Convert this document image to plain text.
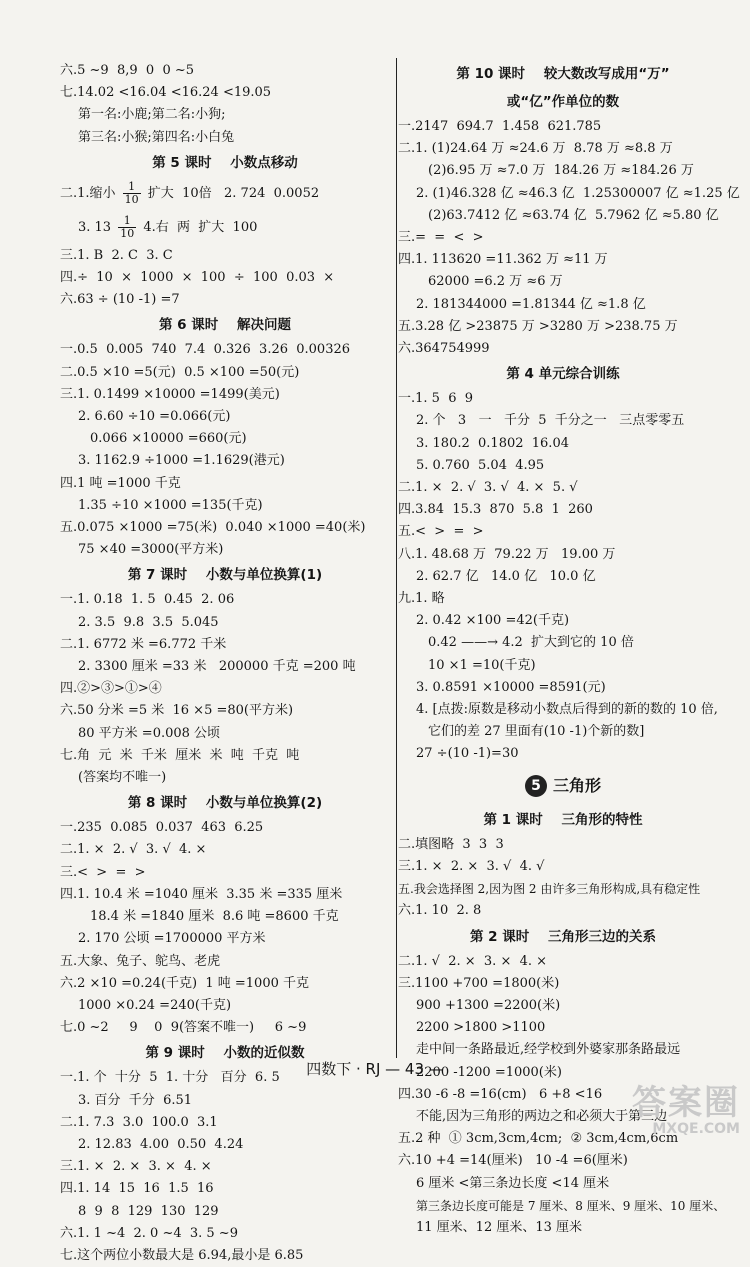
六.5 ~9  8,9  0  0 ~5
七.14.02 <16.04 <16.24 <19.05
第一名:小鹿;第二名:小狗;
第三名:小猴;第四名:小白兔
第 5 课时    小数点移动
二.1.缩小 $\frac{1}{10}$ 扩大  10倍   2. 724  0.0052
3. $13 \frac{1}{10} 4$.右  两  扩大  100
三.1. B  2. C  3. C
四.÷  10  ×  1000  ×  100  ÷  100  0.03  ×
六.63 ÷ (10 -1) =7
第 6 课时    解决问题
一.0.5  0.005  740  7.4  0.326  3.26  0.00326
二.0.5 ×10 =5(元)  0.5 ×100 =50(元)
三.1. 0.1499 ×10000 =1499(美元)
2. 6.60 ÷10 =0.066(元)
0.066 ×10000 =660(元)
3. 1162.9 ÷1000 =1.1629(港元)
四.1 吨 =1000 千克
1.35 ÷10 ×1000 =135(千克)
五.0.075 ×1000 =75(米)  0.040 ×1000 =40(米)
75 ×40 =3000(平方米)
第 7 课时    小数与单位换算(1)
一.1. 0.18  1. 5  0.45  2. 06
2. 3.5  9.8  3.5  5.045
二.1. 6772 米 =6.772 千米
2. 3300 厘米 =33 米   200000 千克 =200 吨
四.②>③>①>④
六.50 分米 =5 米  16 ×5 =80(平方米)
80 平方米 =0.008 公顷
七.角  元  米  千米  厘米  米  吨  千克  吨
(答案均不唯一)
第 8 课时    小数与单位换算(2)
一.235  0.085  0.037  463  6.25
二.1. ×  2. √  3. √  4. ×
三.<  >  =  >
四.1. 10.4 米 =1040 厘米  3.35 米 =335 厘米
18.4 米 =1840 厘米  8.6 吨 =8600 千克
2. 170 公顷 =1700000 平方米
五.大象、兔子、鸵鸟、老虎
六.2 ×10 =0.24(千克)  1 吨 =1000 千克
1000 ×0.24 =240(千克)
七.0 ~2     9    0  9(答案不唯一)     6 ~9
第 9 课时    小数的近似数
一.1. 个  十分  5  1. 十分   百分  6. 5
3. 百分  千分  6.51
二.1. 7.3  3.0  100.0  3.1
2. 12.83  4.00  0.50  4.24
三.1. ×  2. ×  3. ×  4. ×
四.1. 14  15  16  1.5  16
8  9  8  129  130  129
六.1. 1 ~4  2. 0 ~4  3. 5 ~9
七.这个两位小数最大是 6.94,最小是 6.85
第 10 课时    较大数改写成用“万”
或“亿”作单位的数
一.2147  694.7  1.458  621.785
二.1. (1)24.64 万 ≈24.6 万  8.78 万 ≈8.8 万
(2)6.95 万 ≈7.0 万  184.26 万 ≈184.26 万
2. (1)46.328 亿 ≈46.3 亿  1.25300007 亿 ≈1.25 亿
(2)63.7412 亿 ≈63.74 亿  5.7962 亿 ≈5.80 亿
三.=  =  <  >
四.1. 113620 =11.362 万 ≈11 万
62000 =6.2 万 ≈6 万
2. 181344000 =1.81344 亿 ≈1.8 亿
五.3.28 亿 >23875 万 >3280 万 >238.75 万
六.364754999
第 4 单元综合训练
一.1. 5  6  9
2. 个   3   一   千分  5  千分之一   三点零零五
3. 180.2  0.1802  16.04
5. 0.760  5.04  4.95
二.1. ×  2. √  3. √  4. ×  5. √
四.3.84  15.3  870  5.8  1  260
五.<  >  =  >
八.1. 48.68 万  79.22 万   19.00 万
2. 62.7 亿   14.0 亿   10.0 亿
九.1. 略
2. 0.42 ×100 =42(千克)
0.42 ——→ 4.2  扩大到它的 10 倍
10 ×1 =10(千克)
3. 0.8591 ×10000 =8591(元)
4. [点拨:原数是移动小数点后得到的新的数的 10 倍,
它们的差 27 里面有(10 -1)个新的数]
27 ÷(10 -1)=30
5 三角形
第 1 课时    三角形的特性
二.填图略  3  3  3
三.1. ×  2. ×  3. √  4. √
五.我会选择图 2,因为图 2 由许多三角形构成,具有稳定性
六.1. 10  2. 8
第 2 课时    三角形三边的关系
二.1. √  2. ×  3. ×  4. ×
三.1100 +700 =1800(米)
900 +1300 =2200(米)
2200 >1800 >1100
走中间一条路最近,经学校到外婆家那条路最远
2200 -1200 =1000(米)
四.30 -6 -8 =16(cm)   6 +8 <16
不能,因为三角形的两边之和必须大于第三边
五.2 种  ① 3cm,3cm,4cm;  ② 3cm,4cm,6cm
六.10 +4 =14(厘米)   10 -4 =6(厘米)
6 厘米 <第三条边长度 <14 厘米
第三条边长度可能是 7 厘米、8 厘米、9 厘米、10 厘米、
11 厘米、12 厘米、13 厘米
四数下 · RJ — 43 —
答案圈
MXQE.COM
